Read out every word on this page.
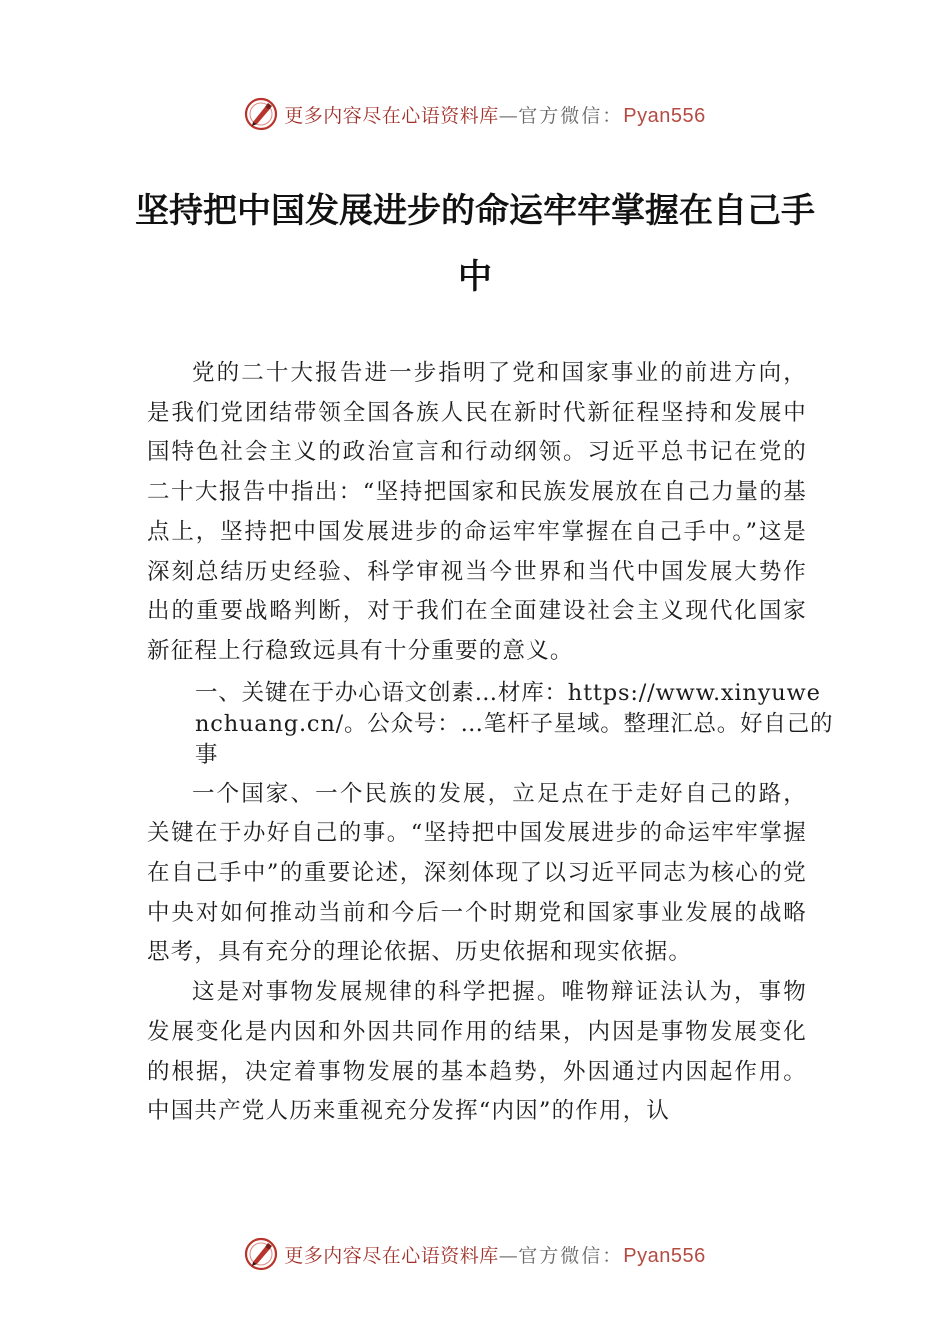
更多内容尽在心语资料库—官方微信：Pyan556
坚持把中国发展进步的命运牢牢掌握在自己手中

党的二十大报告进一步指明了党和国家事业的前进方向，是我们党团结带领全国各族人民在新时代新征程坚持和发展中国特色社会主义的政治宣言和行动纲领。习近平总书记在党的二十大报告中指出：“坚持把国家和民族发展放在自己力量的基点上，坚持把中国发展进步的命运牢牢掌握在自己手中。”这是深刻总结历史经验、科学审视当今世界和当代中国发展大势作出的重要战略判断，对于我们在全面建设社会主义现代化国家新征程上行稳致远具有十分重要的意义。

一、关键在于办心语文创素…材库：https://www.xinyuwenchuang.cn/。公众号：…笔杆子星域。整理汇总。好自己的事

一个国家、一个民族的发展，立足点在于走好自己的路，关键在于办好自己的事。“坚持把中国发展进步的命运牢牢掌握在自己手中”的重要论述，深刻体现了以习近平同志为核心的党中央对如何推动当前和今后一个时期党和国家事业发展的战略思考，具有充分的理论依据、历史依据和现实依据。

这是对事物发展规律的科学把握。唯物辩证法认为，事物发展变化是内因和外因共同作用的结果，内因是事物发展变化的根据，决定着事物发展的基本趋势，外因通过内因起作用。中国共产党人历来重视充分发挥“内因”的作用，认

更多内容尽在心语资料库—官方微信：Pyan556
